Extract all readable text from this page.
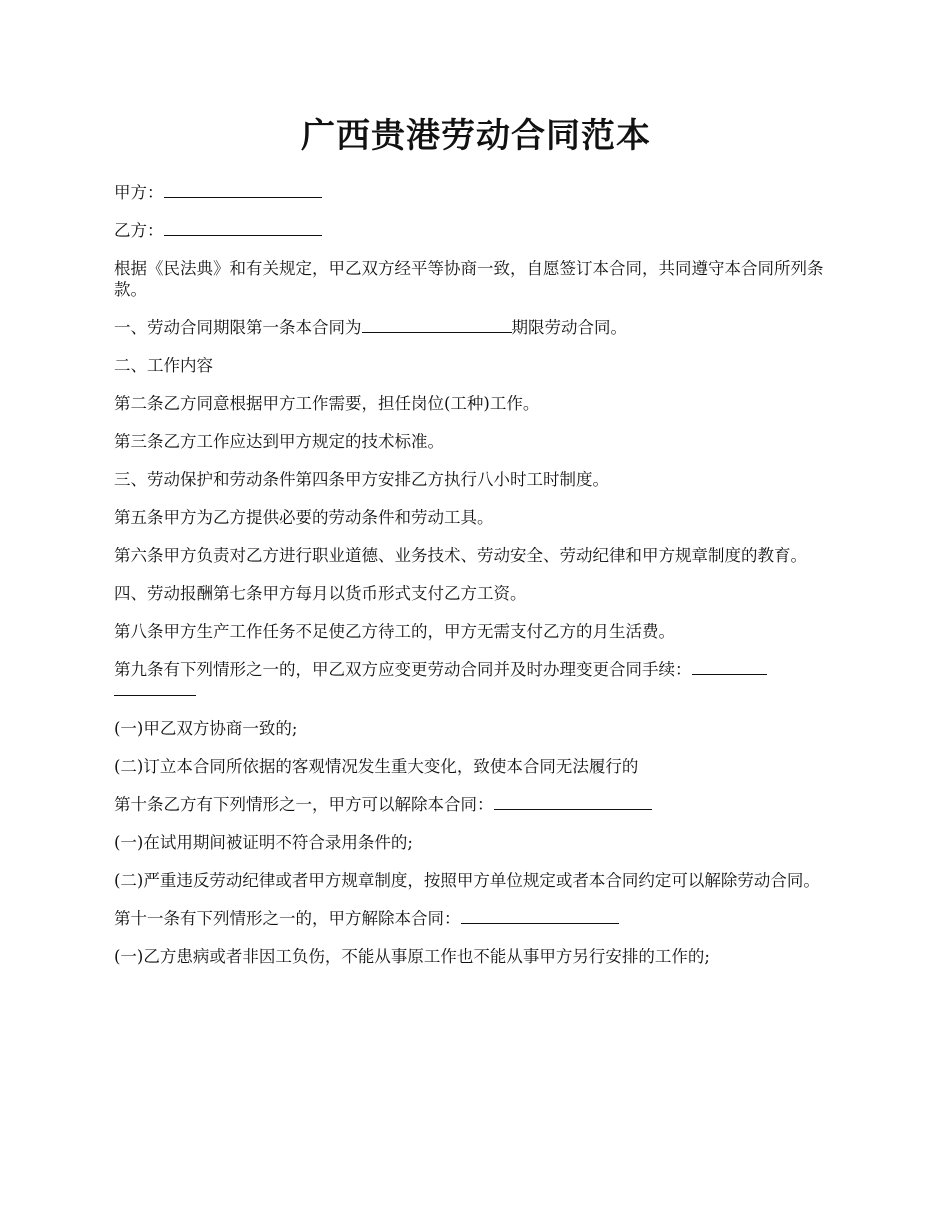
广西贵港劳动合同范本

甲方：

乙方：

根据《民法典》和有关规定，甲乙双方经平等协商一致，自愿签订本合同，共同遵守本合同所列条款。

一、劳动合同期限第一条本合同为	期限劳动合同。

二、工作内容

第二条乙方同意根据甲方工作需要，担任岗位(工种)工作。

第三条乙方工作应达到甲方规定的技术标准。

三、劳动保护和劳动条件第四条甲方安排乙方执行八小时工时制度。

第五条甲方为乙方提供必要的劳动条件和劳动工具。

第六条甲方负责对乙方进行职业道德、业务技术、劳动安全、劳动纪律和甲方规章制度的教育。

四、劳动报酬第七条甲方每月以货币形式支付乙方工资。

第八条甲方生产工作任务不足使乙方待工的，甲方无需支付乙方的月生活费。

第九条有下列情形之一的，甲乙双方应变更劳动合同并及时办理变更合同手续：

(一)甲乙双方协商一致的;

(二)订立本合同所依据的客观情况发生重大变化，致使本合同无法履行的

第十条乙方有下列情形之一，甲方可以解除本合同：

(一)在试用期间被证明不符合录用条件的;

(二)严重违反劳动纪律或者甲方规章制度，按照甲方单位规定或者本合同约定可以解除劳动合同。

第十一条有下列情形之一的，甲方解除本合同：

(一)乙方患病或者非因工负伤，不能从事原工作也不能从事甲方另行安排的工作的;
